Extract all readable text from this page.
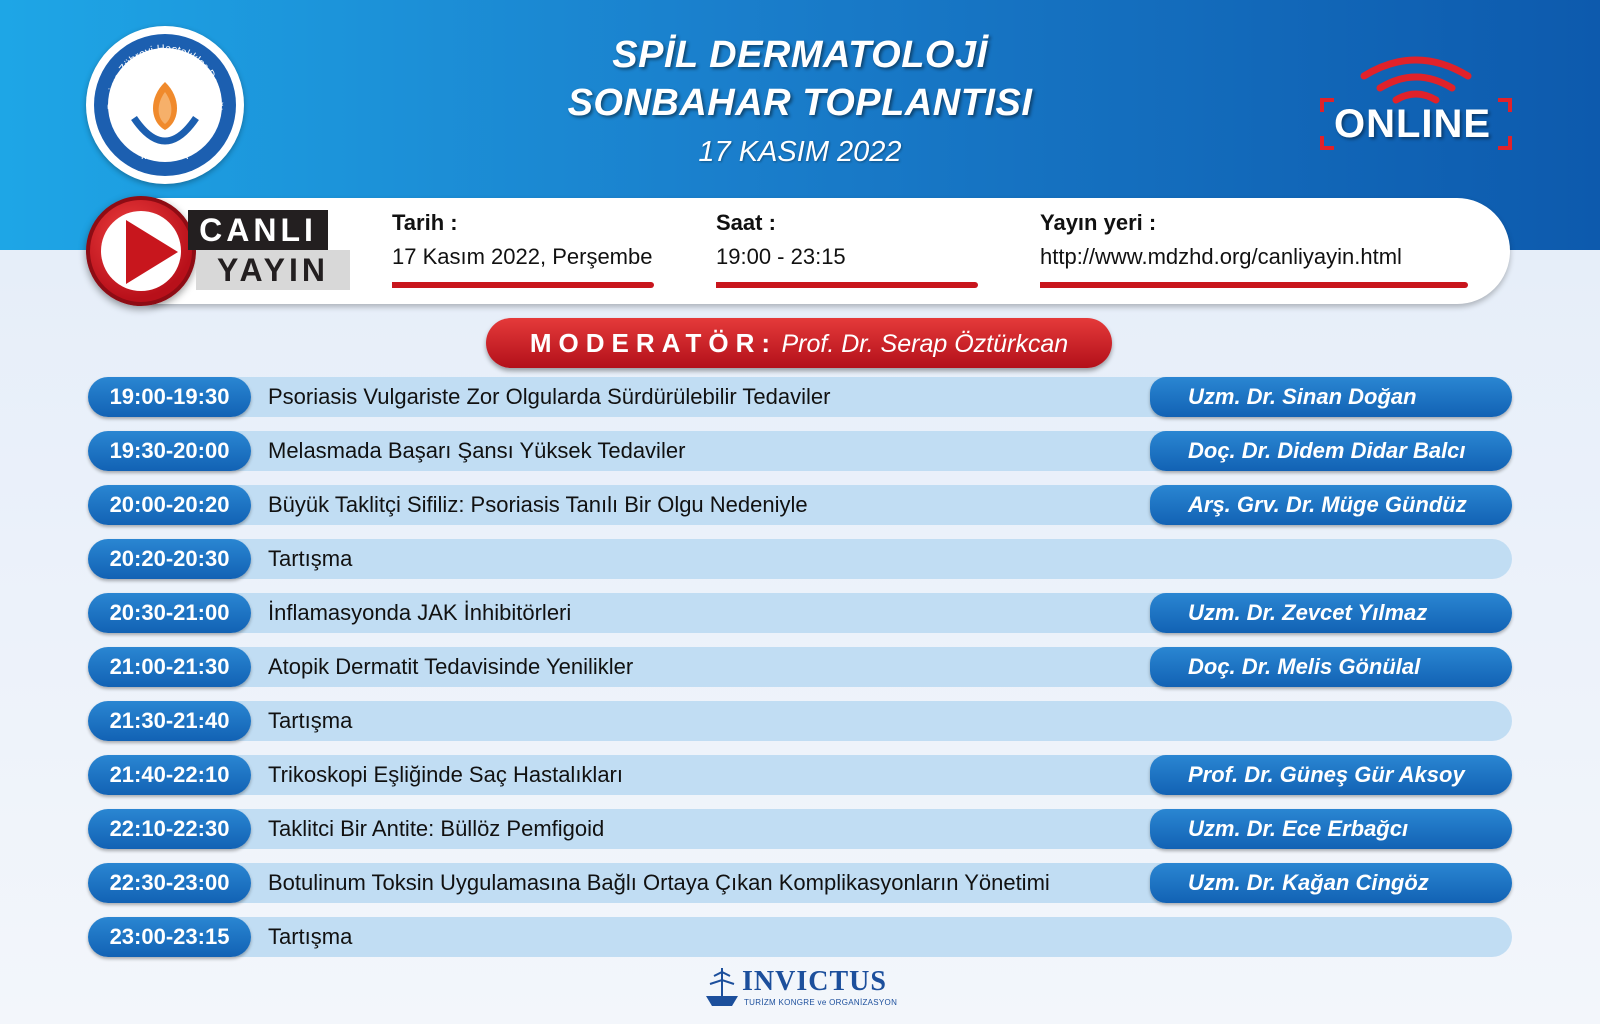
Deri ve Zührevi Hastalıklar Derneği
MANİSA
SPİL DERMATOLOJİ
SONBAHAR TOPLANTISI
17 KASIM 2022
ONLINE
CANLI
YAYIN
Tarih :
17 Kasım 2022, Perşembe
Saat :
19:00 - 23:15
Yayın yeri :
http://www.mdzhd.org/canliyayin.html
MODERATÖR: Prof. Dr. Serap Öztürkcan
19:00-19:30	Psoriasis Vulgariste Zor Olgularda Sürdürülebilir Tedaviler	Uzm. Dr. Sinan Doğan
19:30-20:00	Melasmada Başarı Şansı Yüksek Tedaviler	Doç. Dr. Didem Didar Balcı
20:00-20:20	Büyük Taklitçi Sifiliz: Psoriasis Tanılı Bir Olgu Nedeniyle	Arş. Grv. Dr. Müge Gündüz
20:20-20:30	Tartışma
20:30-21:00	İnflamasyonda JAK İnhibitörleri	Uzm. Dr. Zevcet Yılmaz
21:00-21:30	Atopik Dermatit Tedavisinde Yenilikler	Doç. Dr. Melis Gönülal
21:30-21:40	Tartışma
21:40-22:10	Trikoskopi Eşliğinde Saç Hastalıkları	Prof. Dr. Güneş Gür Aksoy
22:10-22:30	Taklitci Bir Antite: Büllöz Pemfigoid	Uzm. Dr. Ece Erbağcı
22:30-23:00	Botulinum Toksin Uygulamasına Bağlı Ortaya Çıkan Komplikasyonların Yönetimi	Uzm. Dr. Kağan Cingöz
23:00-23:15	Tartışma
INVICTUS
TURİZM KONGRE ve ORGANİZASYON
